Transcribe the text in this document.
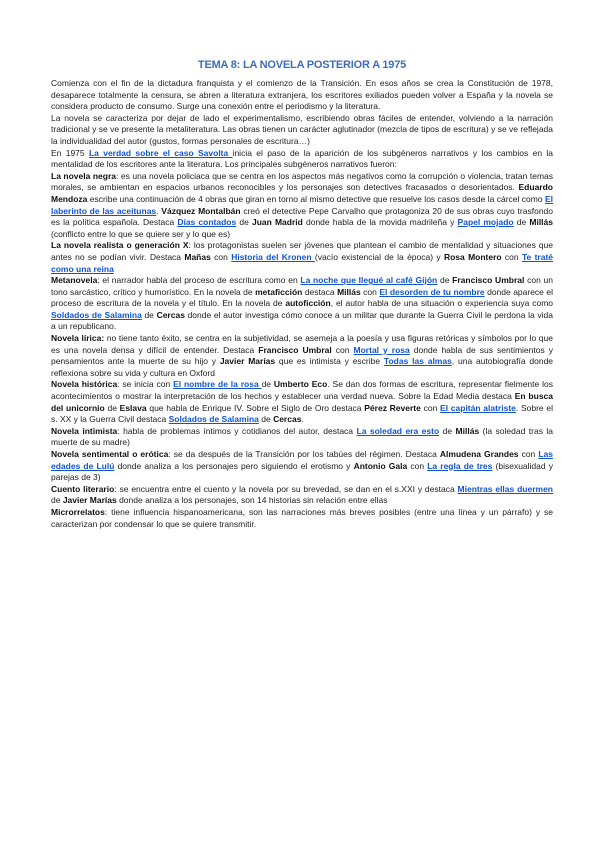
TEMA 8: LA NOVELA POSTERIOR A 1975

Comienza con el fin de la dictadura franquista y el comienzo de la Transición. En esos años se crea la Constitución de 1978, desaparece totalmente la censura, se abren a literatura extranjera, los escritores exiliados pueden volver a España y la novela se considera producto de consumo. Surge una conexión entre el periodismo y la literatura.

La novela se caracteriza por dejar de lado el experimentalismo, escribiendo obras fáciles de entender, volviendo a la narración tradicional y se ve presente la metaliteratura. Las obras tienen un carácter aglutinador (mezcla de tipos de escritura) y se ve reflejada la individualidad del autor (gustos, formas personales de escritura…)

En 1975 La verdad sobre el caso Savolta inicia el paso de la aparición de los subgéneros narrativos y los cambios en la mentalidad de los escritores ante la literatura. Los principales subgéneros narrativos fueron:

La novela negra: es una novela policiaca que se centra en los aspectos más negativos como la corrupción o violencia, tratan temas morales, se ambientan en espacios urbanos reconocibles y los personajes son detectives fracasados o desorientados. Eduardo Mendoza escribe una continuación de 4 obras que giran en torno al mismo detective que resuelve los casos desde la cárcel como El laberinto de las aceitunas. Vázquez Montalbán creó el detective Pepe Carvalho que protagoniza 20 de sus obras cuyo trasfondo es la política española. Destaca Días contados de Juan Madrid donde habla de la movida madrileña y Papel mojado de Millás (conflicto entre lo que se quiere ser y lo que es)

La novela realista o generación X: los protagonistas suelen ser jóvenes que plantean el cambio de mentalidad y situaciones que antes no se podían vivir. Destaca Mañas con Historia del Kronen (vacío existencial de la época) y Rosa Montero con Te traté como una reina

Metanovela: el narrador habla del proceso de escritura como en La noche que llegué al café Gijón de Francisco Umbral con un tono sarcástico, crítico y humorístico. En la novela de metaficción destaca Millás con El desorden de tu nombre donde aparece el proceso de escritura de la novela y el título. En la novela de autoficción, el autor habla de una situación o experiencia suya como Soldados de Salamina de Cercas donde el autor investiga cómo conoce a un militar que durante la Guerra Civil le perdona la vida a un republicano.

Novela lírica: no tiene tanto éxito, se centra en la subjetividad, se asemeja a la poesía y usa figuras retóricas y símbolos por lo que es una novela densa y difícil de entender. Destaca Francisco Umbral con Mortal y rosa donde habla de sus sentimientos y pensamientos ante la muerte de su hijo y Javier Marías que es intimista y escribe Todas las almas, una autobiografía donde reflexiona sobre su vida y cultura en Oxford

Novela histórica: se inicia con El nombre de la rosa de Umberto Eco. Se dan dos formas de escritura, representar fielmente los acontecimientos o mostrar la interpretación de los hechos y establecer una verdad nueva. Sobre la Edad Media destaca En busca del unicornio de Eslava que habla de Enrique IV. Sobre el Siglo de Oro destaca Pérez Reverte con El capitán alatriste. Sobre el s. XX y la Guerra Civil destaca Soldados de Salamina de Cercas.

Novela intimista: habla de problemas íntimos y cotidianos del autor, destaca La soledad era esto de Millás (la soledad tras la muerte de su madre)

Novela sentimental o erótica: se da después de la Transición por los tabúes del régimen. Destaca Almudena Grandes con Las edades de Lulú donde analiza a los personajes pero siguiendo el erotismo y Antonio Gala con La regla de tres (bisexualidad y parejas de 3)

Cuento literario: se encuentra entre el cuento y la novela por su brevedad, se dan en el s.XXI y destaca Mientras ellas duermen de Javier Marías donde analiza a los personajes, son 14 historias sin relación entre ellas

Microrrelatos: tiene influencia hispanoamericana, son las narraciones más breves posibles (entre una línea y un párrafo) y se caracterizan por condensar lo que se quiere transmitir.
